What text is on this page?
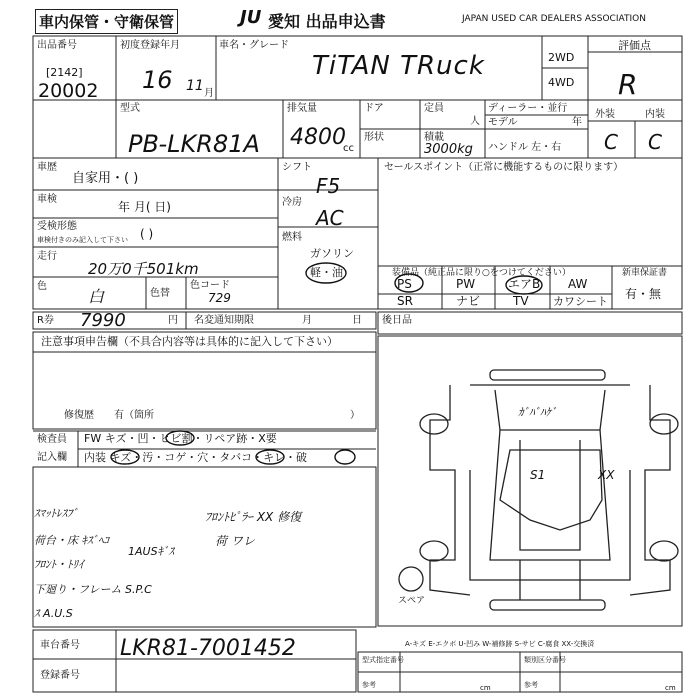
車内保管・守衛保管	JU 愛知 出品申込書	JAPAN USED CAR DEALERS ASSOCIATION
出品番号
[2142]
20002
初度登録年月
16 11 月
車名・グレード
TiTAN TRuck	2WD
4WD
評価点
R
型式
PB-LKR81A
排気量
4800
cc
ドア
形状
定員
人
積載
3000kg
ディーラー・並行
モデル	年
ハンドル 左・右
外装	内装
C C
車歴
自家用・( )
車検
年 月( 日)
受検形態
車検付きのみ記入して下さい ( )
走行
20万0千501km
色
白	色替
色コード
729
シフト
F5
冷房
AC
燃料
ガソリン
軽・油
セールスポイント（正常に機能するものに限ります）
装備品（純正品に限り○をつけてください）
PS	PW	エアB AW
SR	ナビ	TV カワシート
新車保証書
有・無
R券 7990	円 名変通知期限	月	日 後日品
注意事項申告欄（不具合内容等は具体的に記入して下さい）
修復歴　　有（箇所	）
検査員
記入欄
FW キズ・凹・ヒビ割・リペア跡・X要
内装 キズ・汚・コゲ・穴・タバコ・キレ・破
ｽﾏｯﾄﾚｽﾌﾞ
荷台・床 ｷｽﾞﾍｺ
ﾌﾛﾝﾄ・ﾄﾘｲ
下廻り・フレーム S.P.C
ｽ A.U.S
1AUSｷﾞｽ
ﾌﾛﾝﾄﾋﾟﾗｰ XX 修復
荷 ワレ
ｶﾞﾊﾞﾊｹﾞ
S1	XX
スペア
A-キズ E-エクボ U-凹み W-補修跡 S-サビ C-腐食 XX-交換済
車台番号 LKR81-7001452
登録番号
型式指定番号
参考	cm
類別区分番号
参考	cm
